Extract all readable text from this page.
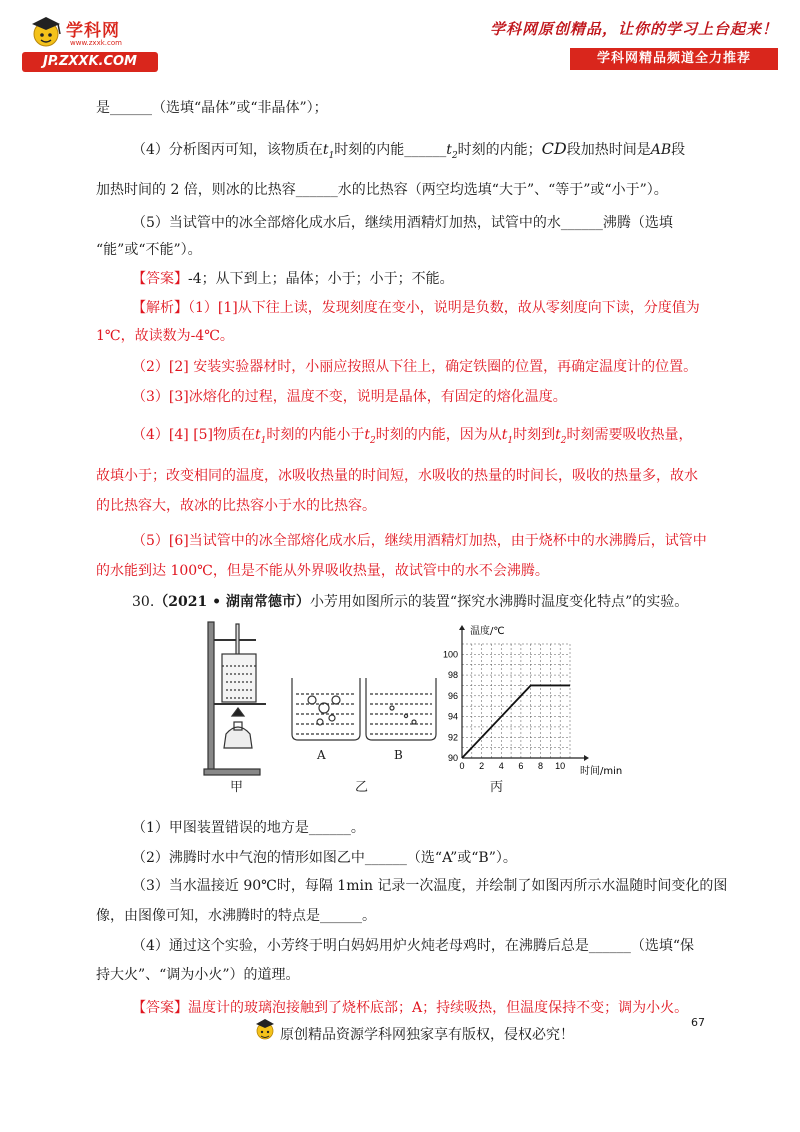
学科网
www.zxxk.com
JP.ZXXK.COM
学科网原创精品，让你的学习上台起来！
学科网精品频道全力推荐
是______（选填“晶体”或“非晶体”）；
（4）分析图丙可知，该物质在$t_1$时刻的内能$\_\_\_\_\_\_t_2$时刻的内能；CD段加热时间是AB段
加热时间的 2 倍，则冰的比热容______水的比热容（两空均选填“大于”、“等于”或“小于”）。
（5）当试管中的冰全部熔化成水后，继续用酒精灯加热，试管中的水______沸腾（选填
“能”或“不能”）。
【答案】-4；从下到上；晶体；小于；小于；不能。
【解析】（1）[1]从下往上读，发现刻度在变小，说明是负数，故从零刻度向下读，分度值为
1℃，故读数为-4℃。
（2）[2] 安装实验器材时，小丽应按照从下往上，确定铁圈的位置，再确定温度计的位置。
（3）[3]冰熔化的过程，温度不变，说明是晶体，有固定的熔化温度。
（4）[4] [5]物质在$t_1$时刻的内能小于$t_2$时刻的内能，因为从$t_1$时刻到$t_2$时刻需要吸收热量，
故填小于；改变相同的温度，冰吸收热量的时间短，水吸收的热量的时间长，吸收的热量多，故水
的比热容大，故冰的比热容小于水的比热容。
（5）[6]当试管中的冰全部熔化成水后，继续用酒精灯加热，由于烧杯中的水沸腾后，试管中
的水能到达 100℃，但是不能从外界吸收热量，故试管中的水不会沸腾。
30.（2021 • 湖南常德市）小芳用如图所示的装置“探究水沸腾时温度变化特点”的实验。
0 2 4 6 8 10
90
92
94
96
98
100
温度/℃
时间/min
A	B
甲	乙	丙
（1）甲图装置错误的地方是______。
（2）沸腾时水中气泡的情形如图乙中______（选“A”或“B”）。
（3）当水温接近 90℃时，每隔 1min 记录一次温度，并绘制了如图丙所示水温随时间变化的图
像，由图像可知，水沸腾时的特点是______。
（4）通过这个实验，小芳终于明白妈妈用炉火炖老母鸡时，在沸腾后总是______（选填“保
持大火”、“调为小火”）的道理。
【答案】温度计的玻璃泡接触到了烧杯底部；A；持续吸热，但温度保持不变；调为小火。
67
原创精品资源学科网独家享有版权，侵权必究！
